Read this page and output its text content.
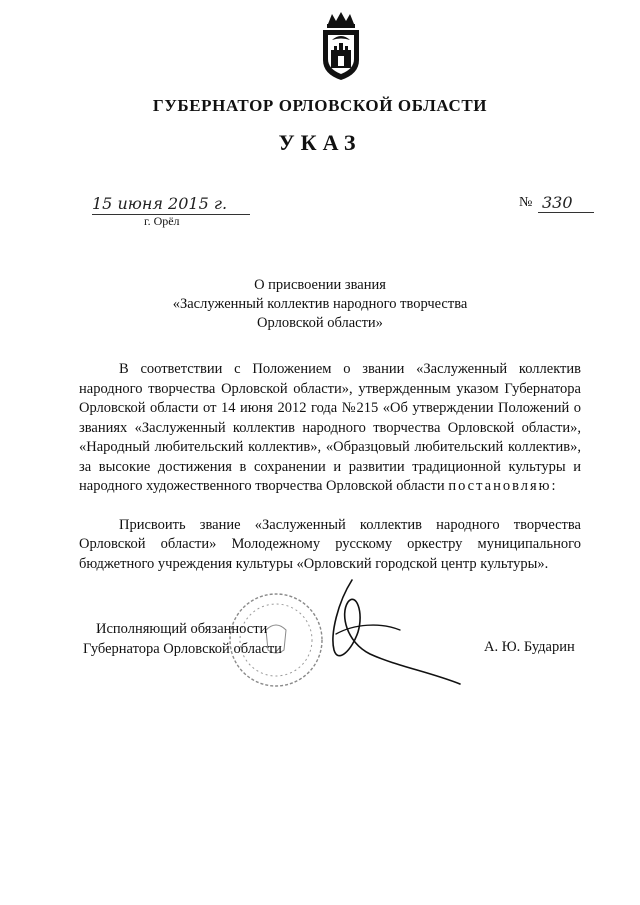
ГУБЕРНАТОР ОРЛОВСКОЙ ОБЛАСТИ
УКАЗ
15 июня 2015 г.
г. Орёл
№ 330
О присвоении звания
«Заслуженный коллектив народного творчества
Орловской области»

В соответствии с Положением о звании «Заслуженный коллектив народного творчества Орловской области», утвержденным указом Губернатора Орловской области от 14 июня 2012 года №215 «Об утверждении Положений о званиях «Заслуженный коллектив народного творчества Орловской области», «Народный любительский коллектив», «Образцовый любительский коллектив», за высокие достижения в сохранении и развитии традиционной культуры и народного художественного творчества Орловской области постановляю:

Присвоить звание «Заслуженный коллектив народного творчества Орловской области» Молодежному русскому оркестру муниципального бюджетного учреждения культуры «Орловский городской центр культуры».

Исполняющий обязанности
Губернатора Орловской области	А. Ю. Бударин
